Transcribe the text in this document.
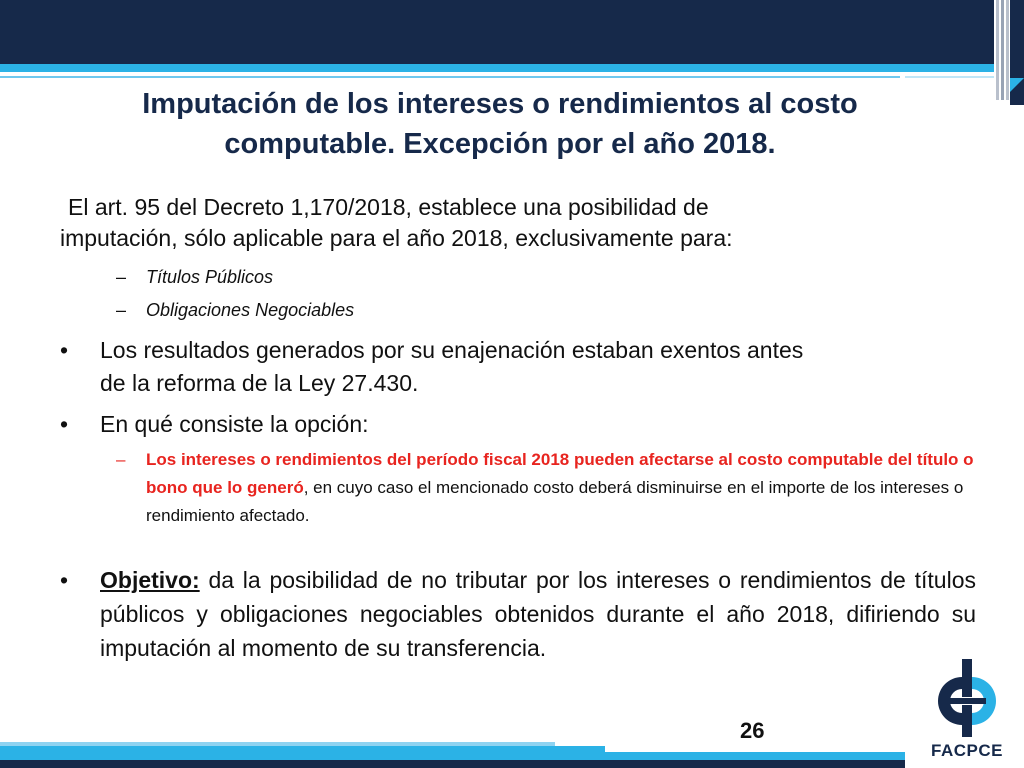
Imputación de los intereses o rendimientos al costo
computable. Excepción por el año 2018.
El art. 95 del Decreto 1,170/2018, establece una posibilidad de
imputación, sólo aplicable para el año 2018, exclusivamente para:
– Títulos Públicos
– Obligaciones Negociables
• Los resultados generados por su enajenación estaban exentos antes
de la reforma de la Ley 27.430.
• En qué consiste la opción:
– Los intereses o rendimientos del período fiscal 2018 pueden afectarse al costo computable del título o bono que lo generó, en cuyo caso el mencionado costo deberá disminuirse en el importe de los intereses o rendimiento afectado.
• Objetivo: da la posibilidad de no tributar por los intereses o rendimientos de títulos públicos y obligaciones negociables obtenidos durante el año 2018, difiriendo su imputación al momento de su transferencia.
26
FACPCE
